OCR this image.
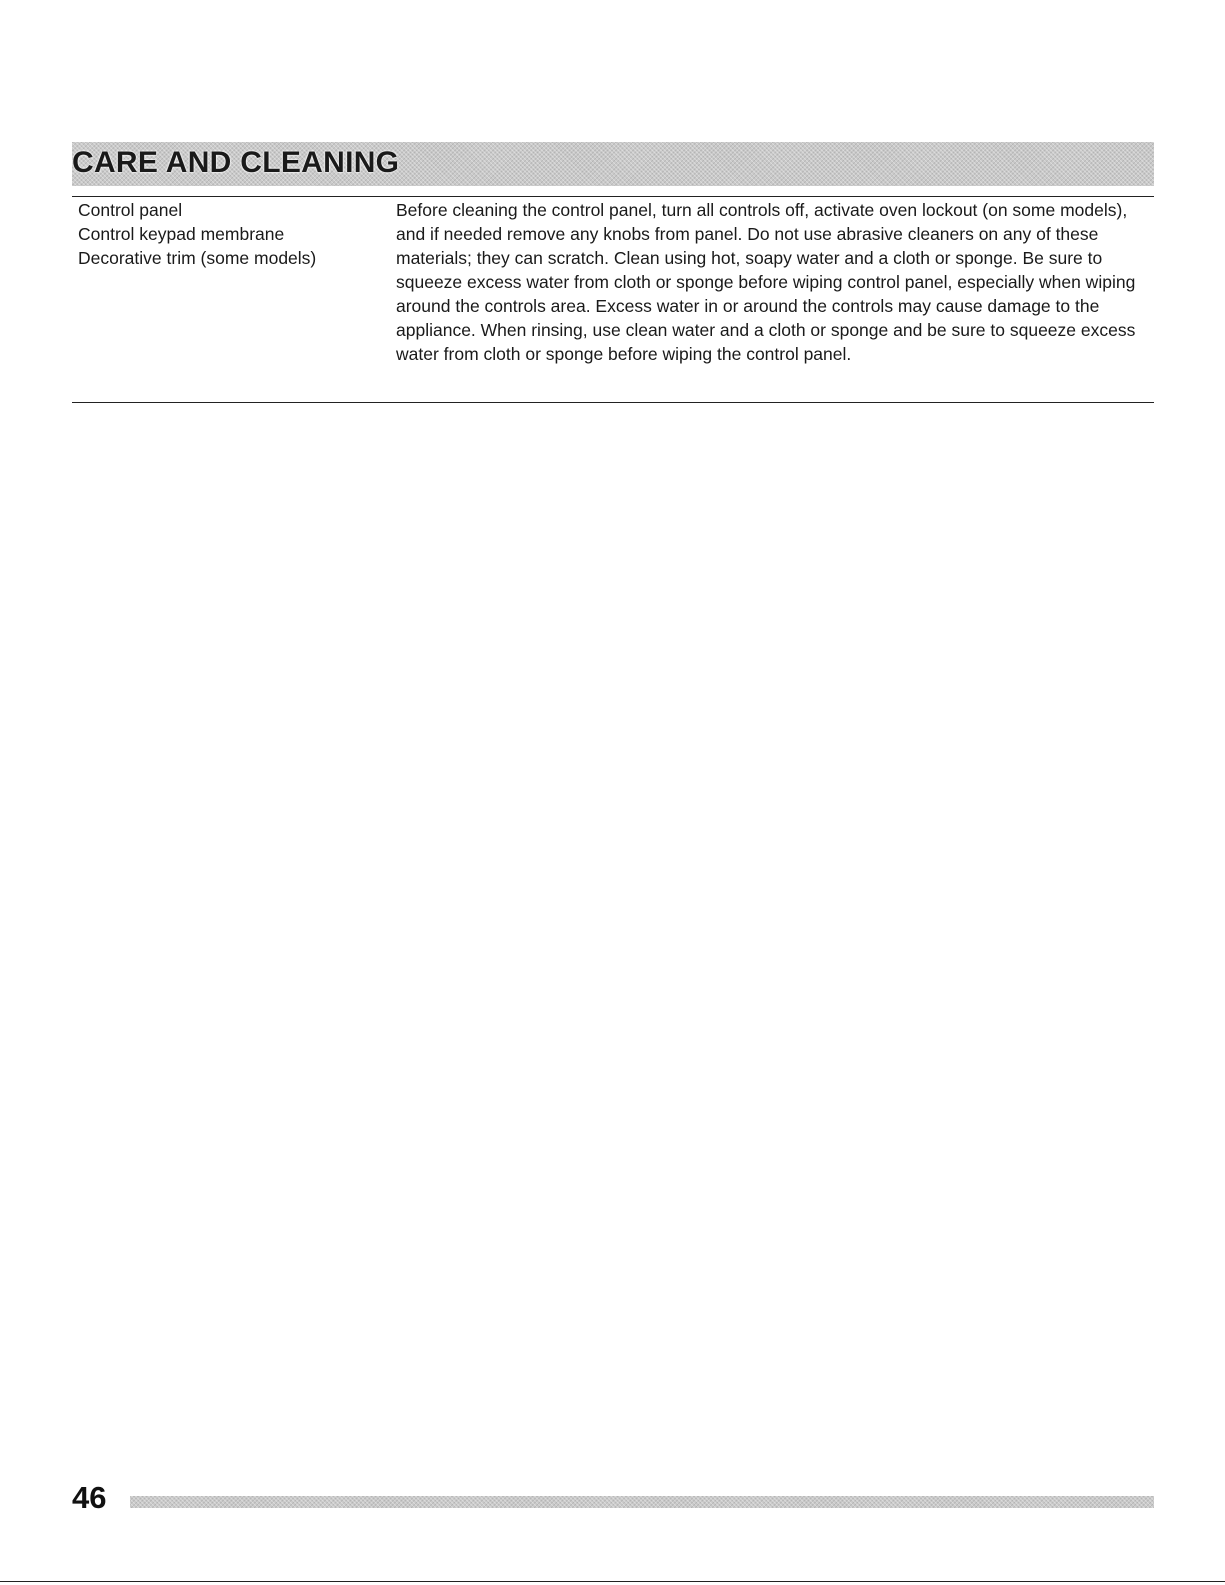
CARE AND CLEANING
Control panel
Control keypad membrane
Decorative trim (some models)
Before cleaning the control panel, turn all controls off, activate oven lockout (on some models), and if needed remove any knobs from panel. Do not use abrasive cleaners on any of these materials; they can scratch. Clean using hot, soapy water and a cloth or sponge. Be sure to squeeze excess water from cloth or sponge before wiping control panel, especially when wiping around the controls area. Excess water in or around the controls may cause damage to the appliance. When rinsing, use clean water and a cloth or sponge and be sure to squeeze excess water from cloth or sponge before wiping the control panel.
46
